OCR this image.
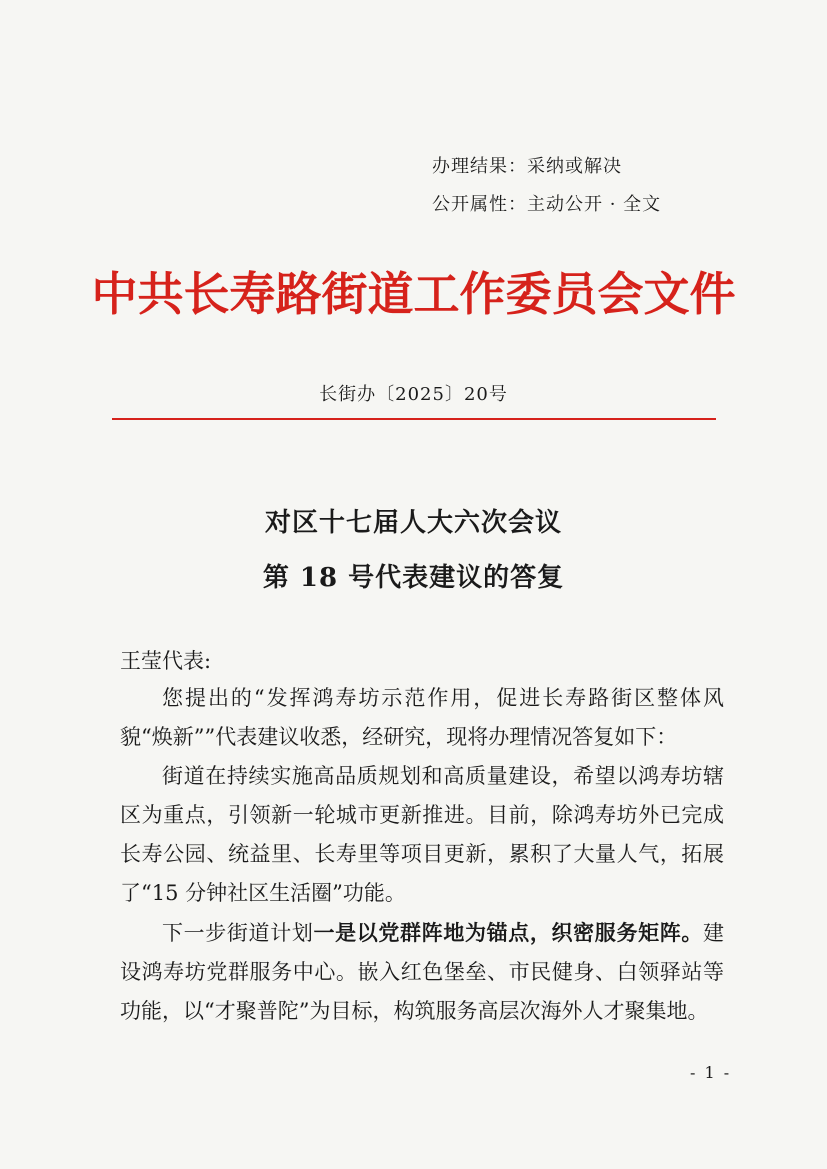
办理结果：采纳或解决
公开属性：主动公开 · 全文
中共长寿路街道工作委员会文件
长街办〔2025〕20号
对区十七届人大六次会议
第 18 号代表建议的答复
王莹代表:

您提出的“发挥鸿寿坊示范作用，促进长寿路街区整体风貌“焕新””代表建议收悉，经研究，现将办理情况答复如下：

街道在持续实施高品质规划和高质量建设，希望以鸿寿坊辖区为重点，引领新一轮城市更新推进。目前，除鸿寿坊外已完成长寿公园、统益里、长寿里等项目更新，累积了大量人气，拓展了“15 分钟社区生活圈”功能。

下一步街道计划一是以党群阵地为锚点，织密服务矩阵。建设鸿寿坊党群服务中心。嵌入红色堡垒、市民健身、白领驿站等功能，以“才聚普陀”为目标，构筑服务高层次海外人才聚集地。

- 1 -
